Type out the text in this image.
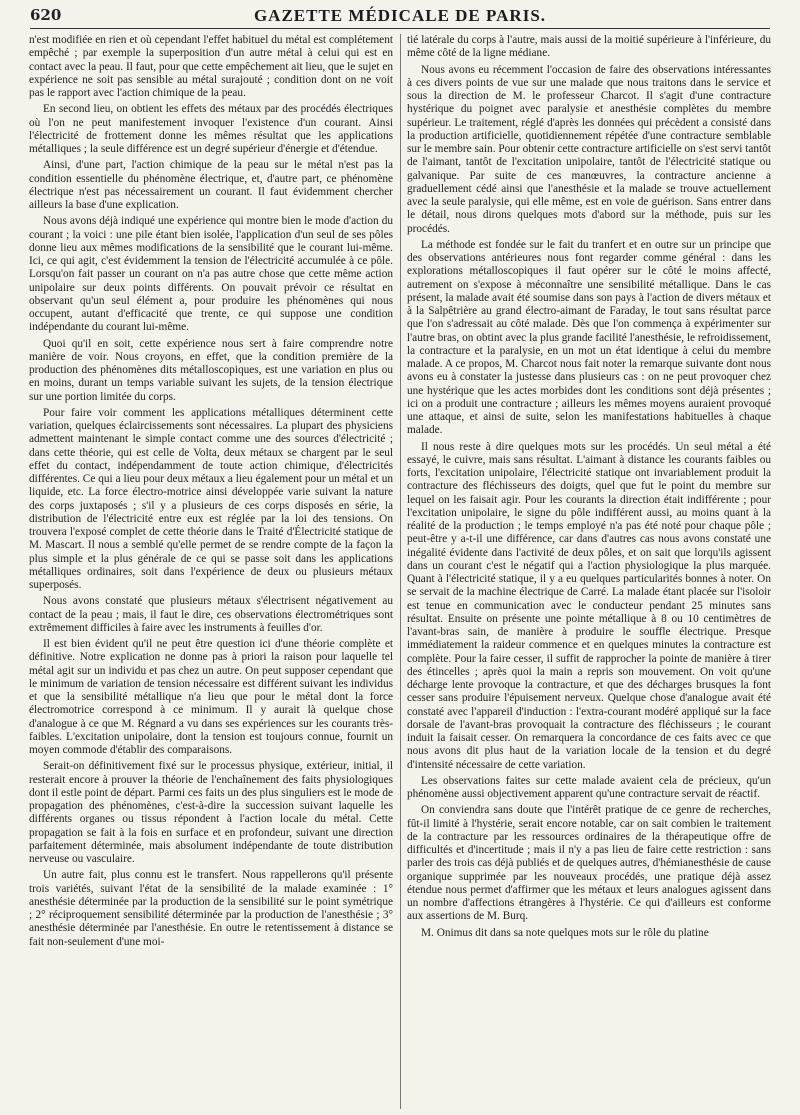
620	GAZETTE MÉDICALE DE PARIS.

n'est modifiée en rien et où cependant l'effet habituel du métal est complétement empêché ; par exemple la superposition d'un autre métal à celui qui est en contact avec la peau. Il faut, pour que cette empêchement ait lieu, que le sujet en expérience ne soit pas sensible au métal surajouté ; condition dont on ne voit pas le rapport avec l'action chimique de la peau.

En second lieu, on obtient les effets des métaux par des procédés électriques où l'on ne peut manifestement invoquer l'existence d'un courant. Ainsi l'électricité de frottement donne les mêmes résultat que les applications métalliques ; la seule différence est un degré supérieur d'énergie et d'étendue.

Ainsi, d'une part, l'action chimique de la peau sur le métal n'est pas la condition essentielle du phénomène électrique, et, d'autre part, ce phénomène électrique n'est pas nécessairement un courant. Il faut évidemment chercher ailleurs la base d'une explication.

Nous avons déjà indiqué une expérience qui montre bien le mode d'action du courant ; la voici : une pile étant bien isolée, l'application d'un seul de ses pôles donne lieu aux mêmes modifications de la sensibilité que le courant lui-même. Ici, ce qui agit, c'est évidemment la tension de l'électricité accumulée à ce pôle. Lorsqu'on fait passer un courant on n'a pas autre chose que cette même action unipolaire sur deux points différents. On pouvait prévoir ce résultat en observant qu'un seul élément a, pour produire les phénomènes qui nous occupent, autant d'efficacité que trente, ce qui suppose une condition indépendante du courant lui-même.

Quoi qu'il en soit, cette expérience nous sert à faire comprendre notre manière de voir. Nous croyons, en effet, que la condition première de la production des phénomènes dits métalloscopiques, est une variation en plus ou en moins, durant un temps variable suivant les sujets, de la tension électrique sur une portion limitée du corps.

Pour faire voir comment les applications métalliques déterminent cette variation, quelques éclaircissements sont nécessaires. La plupart des physiciens admettent maintenant le simple contact comme une des sources d'électricité ; dans cette théorie, qui est celle de Volta, deux métaux se chargent par le seul effet du contact, indépendamment de toute action chimique, d'électricités différentes. Ce qui a lieu pour deux métaux a lieu également pour un métal et un liquide, etc. La force électro-motrice ainsi développée varie suivant la nature des corps juxtaposés ; s'il y a plusieurs de ces corps disposés en série, la distribution de l'électricité entre eux est réglée par la loi des tensions. On trouvera l'exposé complet de cette théorie dans le Traité d'Électricité statique de M. Mascart. Il nous a semblé qu'elle permet de se rendre compte de la façon la plus simple et la plus générale de ce qui se passe soit dans les applications métalliques ordinaires, soit dans l'expérience de deux ou plusieurs métaux superposés.

Nous avons constaté que plusieurs métaux s'électrisent négativement au contact de la peau ; mais, il faut le dire, ces observations électrométriques sont extrêmement difficiles à faire avec les instruments à feuilles d'or.

Il est bien évident qu'il ne peut être question ici d'une théorie complète et définitive. Notre explication ne donne pas à priori la raison pour laquelle tel métal agit sur un individu et pas chez un autre. On peut supposer cependant que le minimum de variation de tension nécessaire est différent suivant les individus et que la sensibilité métallique n'a lieu que pour le métal dont la force électromotrice correspond à ce minimum. Il y aurait là quelque chose d'analogue à ce que M. Régnard a vu dans ses expériences sur les courants très-faibles. L'excitation unipolaire, dont la tension est toujours connue, fournit un moyen commode d'établir des comparaisons.

Serait-on définitivement fixé sur le processus physique, extérieur, initial, il resterait encore à prouver la théorie de l'enchaînement des faits physiologiques dont il estle point de départ. Parmi ces faits un des plus singuliers est le mode de propagation des phénomènes, c'est-à-dire la succession suivant laquelle les différents organes ou tissus répondent à l'action locale du métal. Cette propagation se fait à la fois en surface et en profondeur, suivant une direction parfaitement déterminée, mais absolument indépendante de toute distribution nerveuse ou vasculaire.

Un autre fait, plus connu est le transfert. Nous rappellerons qu'il présente trois variétés, suivant l'état de la sensibilité de la malade examinée : 1° anesthésie déterminée par la production de la sensibilité sur le point symétrique ; 2° réciproquement sensibilité déterminée par la production de l'anesthésie ; 3° anesthésie déterminée par l'anesthésie. En outre le retentissement à distance se fait non-seulement d'une moi-

tié latérale du corps à l'autre, mais aussi de la moitié supérieure à l'inférieure, du même côté de la ligne médiane.

Nous avons eu récemment l'occasion de faire des observations intéressantes à ces divers points de vue sur une malade que nous traitons dans le service et sous la direction de M. le professeur Charcot. Il s'agit d'une contracture hystérique du poignet avec paralysie et anesthésie complètes du membre supérieur. Le traitement, réglé d'après les données qui précèdent a consisté dans la production artificielle, quotidiennement répétée d'une contracture semblable sur le membre sain. Pour obtenir cette contracture artificielle on s'est servi tantôt de l'aimant, tantôt de l'excitation unipolaire, tantôt de l'électricité statique ou galvanique. Par suite de ces manœuvres, la contracture ancienne a graduellement cédé ainsi que l'anesthésie et la malade se trouve actuellement avec la seule paralysie, qui elle même, est en voie de guérison. Sans entrer dans le détail, nous dirons quelques mots d'abord sur la méthode, puis sur les procédés.

La méthode est fondée sur le fait du tranfert et en outre sur un principe que des observations antérieures nous font regarder comme général : dans les explorations métalloscopiques il faut opérer sur le côté le moins affecté, autrement on s'expose à méconnaître une sensibilité métallique. Dans le cas présent, la malade avait été soumise dans son pays à l'action de divers métaux et à la Salpêtrière au grand électro-aimant de Faraday, le tout sans résultat parce que l'on s'adressait au côté malade. Dès que l'on commença à expérimenter sur l'autre bras, on obtint avec la plus grande facilité l'anesthésie, le refroidissement, la contracture et la paralysie, en un mot un état identique à celui du membre malade. A ce propos, M. Charcot nous fait noter la remarque suivante dont nous avons eu à constater la justesse dans plusieurs cas : on ne peut provoquer chez une hystérique que les actes morbides dont les conditions sont déjà présentes ; ici on a produit une contracture ; ailleurs les mêmes moyens auraient provoqué une attaque, et ainsi de suite, selon les manifestations habituelles à chaque malade.

Il nous reste à dire quelques mots sur les procédés. Un seul métal a été essayé, le cuivre, mais sans résultat. L'aimant à distance les courants faibles ou forts, l'excitation unipolaire, l'électricité statique ont invariablement produit la contracture des fléchisseurs des doigts, quel que fut le point du membre sur lequel on les faisait agir. Pour les courants la direction était indifférente ; pour l'excitation unipolaire, le signe du pôle indifférent aussi, au moins quant à la réalité de la production ; le temps employé n'a pas été noté pour chaque pôle ; peut-être y a-t-il une différence, car dans d'autres cas nous avons constaté une inégalité évidente dans l'activité de deux pôles, et on sait que lorqu'ils agissent dans un courant c'est le négatif qui a l'action physiologique la plus marquée. Quant à l'électricité statique, il y a eu quelques particularités bonnes à noter. On se servait de la machine électrique de Carré. La malade étant placée sur l'isoloir est tenue en communication avec le conducteur pendant 25 minutes sans résultat. Ensuite on présente une pointe métallique à 8 ou 10 centimètres de l'avant-bras sain, de manière à produire le souffle électrique. Presque immédiatement la raideur commence et en quelques minutes la contracture est complète. Pour la faire cesser, il suffit de rapprocher la pointe de manière à tirer des étincelles ; après quoi la main a repris son mouvement. On voit qu'une décharge lente provoque la contracture, et que des décharges brusques la font cesser sans produire l'épuisement nerveux. Quelque chose d'analogue avait été constaté avec l'appareil d'induction : l'extra-courant modéré appliqué sur la face dorsale de l'avant-bras provoquait la contracture des fléchisseurs ; le courant induit la faisait cesser. On remarquera la concordance de ces faits avec ce que nous avons dit plus haut de la variation locale de la tension et du degré d'intensité nécessaire de cette variation.

Les observations faites sur cette malade avaient cela de précieux, qu'un phénomène aussi objectivement apparent qu'une contracture servait de réactif.

On conviendra sans doute que l'intérêt pratique de ce genre de recherches, fût-il limité à l'hystérie, serait encore notable, car on sait combien le traitement de la contracture par les ressources ordinaires de la thérapeutique offre de difficultés et d'incertitude ; mais il n'y a pas lieu de faire cette restriction : sans parler des trois cas déjà publiés et de quelques autres, d'hémianesthésie de cause organique supprimée par les nouveaux procédés, une pratique déjà assez étendue nous permet d'affirmer que les métaux et leurs analogues agissent dans un nombre d'affections étrangères à l'hystérie. Ce qui d'ailleurs est conforme aux assertions de M. Burq.

M. Onimus dit dans sa note quelques mots sur le rôle du platine
